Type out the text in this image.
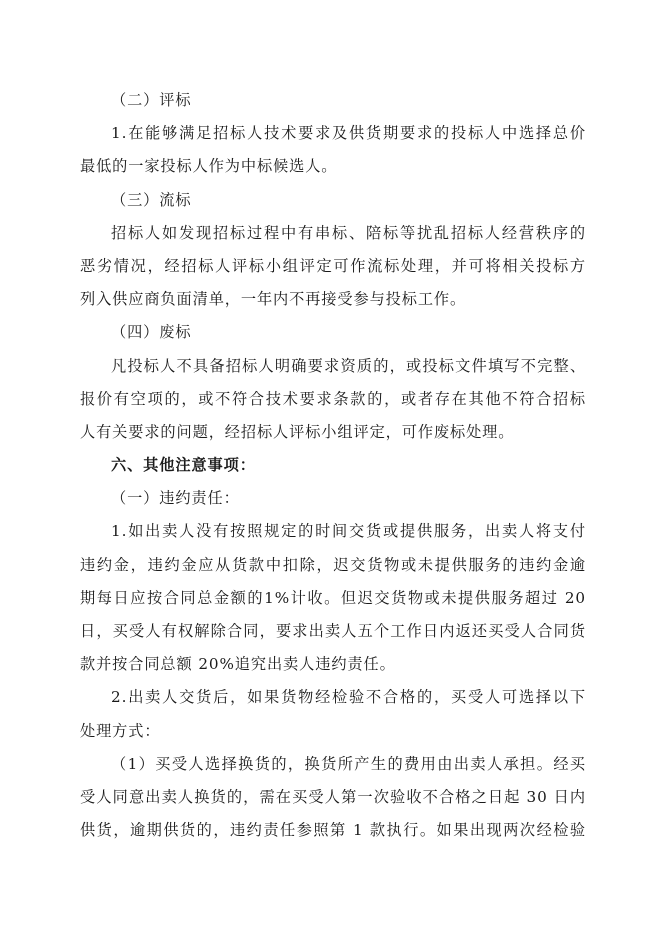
（二）评标
1.在能够满足招标人技术要求及供货期要求的投标人中选择总价
最低的一家投标人作为中标候选人。
（三）流标
招标人如发现招标过程中有串标、陪标等扰乱招标人经营秩序的
恶劣情况，经招标人评标小组评定可作流标处理，并可将相关投标方
列入供应商负面清单，一年内不再接受参与投标工作。
（四）废标
凡投标人不具备招标人明确要求资质的，或投标文件填写不完整、
报价有空项的，或不符合技术要求条款的，或者存在其他不符合招标
人有关要求的问题，经招标人评标小组评定，可作废标处理。
六、其他注意事项：
（一）违约责任：
1.如出卖人没有按照规定的时间交货或提供服务，出卖人将支付
违约金，违约金应从货款中扣除，迟交货物或未提供服务的违约金逾
期每日应按合同总金额的1%计收。但迟交货物或未提供服务超过 20
日，买受人有权解除合同，要求出卖人五个工作日内返还买受人合同货
款并按合同总额 20%追究出卖人违约责任。
2.出卖人交货后，如果货物经检验不合格的，买受人可选择以下
处理方式：
（1）买受人选择换货的，换货所产生的费用由出卖人承担。经买
受人同意出卖人换货的，需在买受人第一次验收不合格之日起 30 日内
供货，逾期供货的，违约责任参照第 1 款执行。如果出现两次经检验
